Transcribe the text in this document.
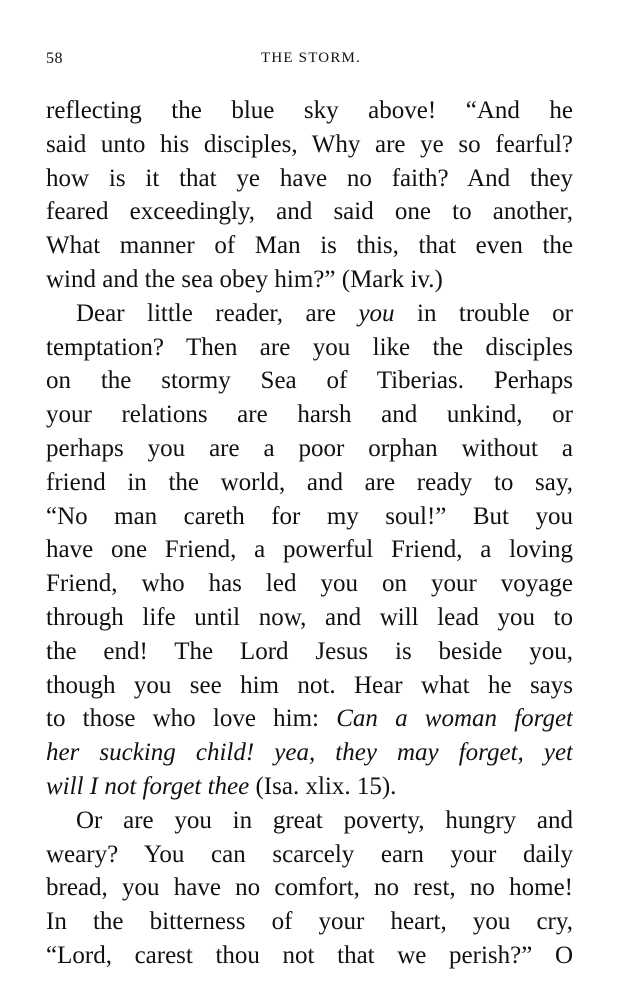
58	THE STORM.
reflecting the blue sky above! “And he
said unto his disciples, Why are ye so fearful?
how is it that ye have no faith? And they
feared exceedingly, and said one to another,
What manner of Man is this, that even the
wind and the sea obey him?” (Mark iv.)
Dear little reader, are you in trouble or
temptation? Then are you like the disciples
on the stormy Sea of Tiberias. Perhaps
your relations are harsh and unkind, or
perhaps you are a poor orphan without a
friend in the world, and are ready to say,
“No man careth for my soul!” But you
have one Friend, a powerful Friend, a loving
Friend, who has led you on your voyage
through life until now, and will lead you to
the end! The Lord Jesus is beside you,
though you see him not. Hear what he says
to those who love him: Can a woman forget
her sucking child! yea, they may forget, yet
will I not forget thee (Isa. xlix. 15).
Or are you in great poverty, hungry and
weary? You can scarcely earn your daily
bread, you have no comfort, no rest, no home!
In the bitterness of your heart, you cry,
“Lord, carest thou not that we perish?” O
